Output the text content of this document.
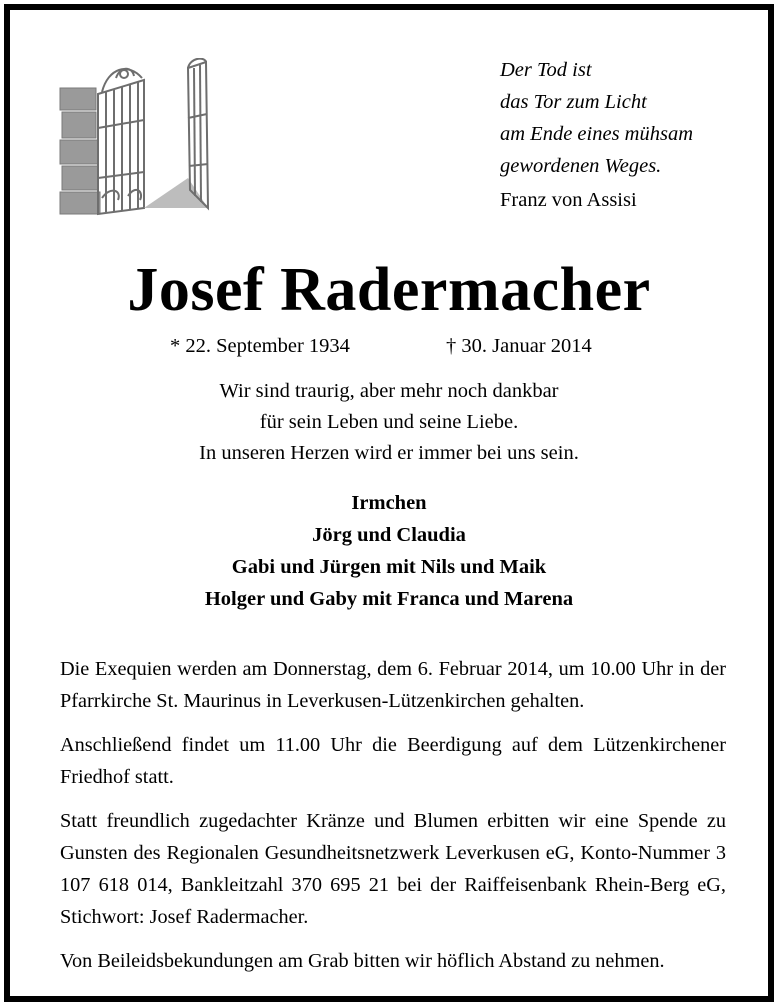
Der Tod ist
das Tor zum Licht
am Ende eines mühsam
gewordenen Weges.
Franz von Assisi
Josef Radermacher
* 22. September 1934	† 30. Januar 2014
Wir sind traurig, aber mehr noch dankbar
für sein Leben und seine Liebe.
In unseren Herzen wird er immer bei uns sein.
Irmchen
Jörg und Claudia
Gabi und Jürgen mit Nils und Maik
Holger und Gaby mit Franca und Marena

Die Exequien werden am Donnerstag, dem 6. Februar 2014, um 10.00 Uhr in der Pfarrkirche St. Maurinus in Leverkusen-Lützenkirchen gehalten.

Anschließend findet um 11.00 Uhr die Beerdigung auf dem Lützenkirchener Friedhof statt.

Statt freundlich zugedachter Kränze und Blumen erbitten wir eine Spende zu Gunsten des Regionalen Gesundheitsnetzwerk Leverkusen eG, Konto-Nummer 3 107 618 014, Bankleitzahl 370 695 21 bei der Raiffeisenbank Rhein-Berg eG, Stichwort: Josef Radermacher.

Von Beileidsbekundungen am Grab bitten wir höflich Abstand zu nehmen.
